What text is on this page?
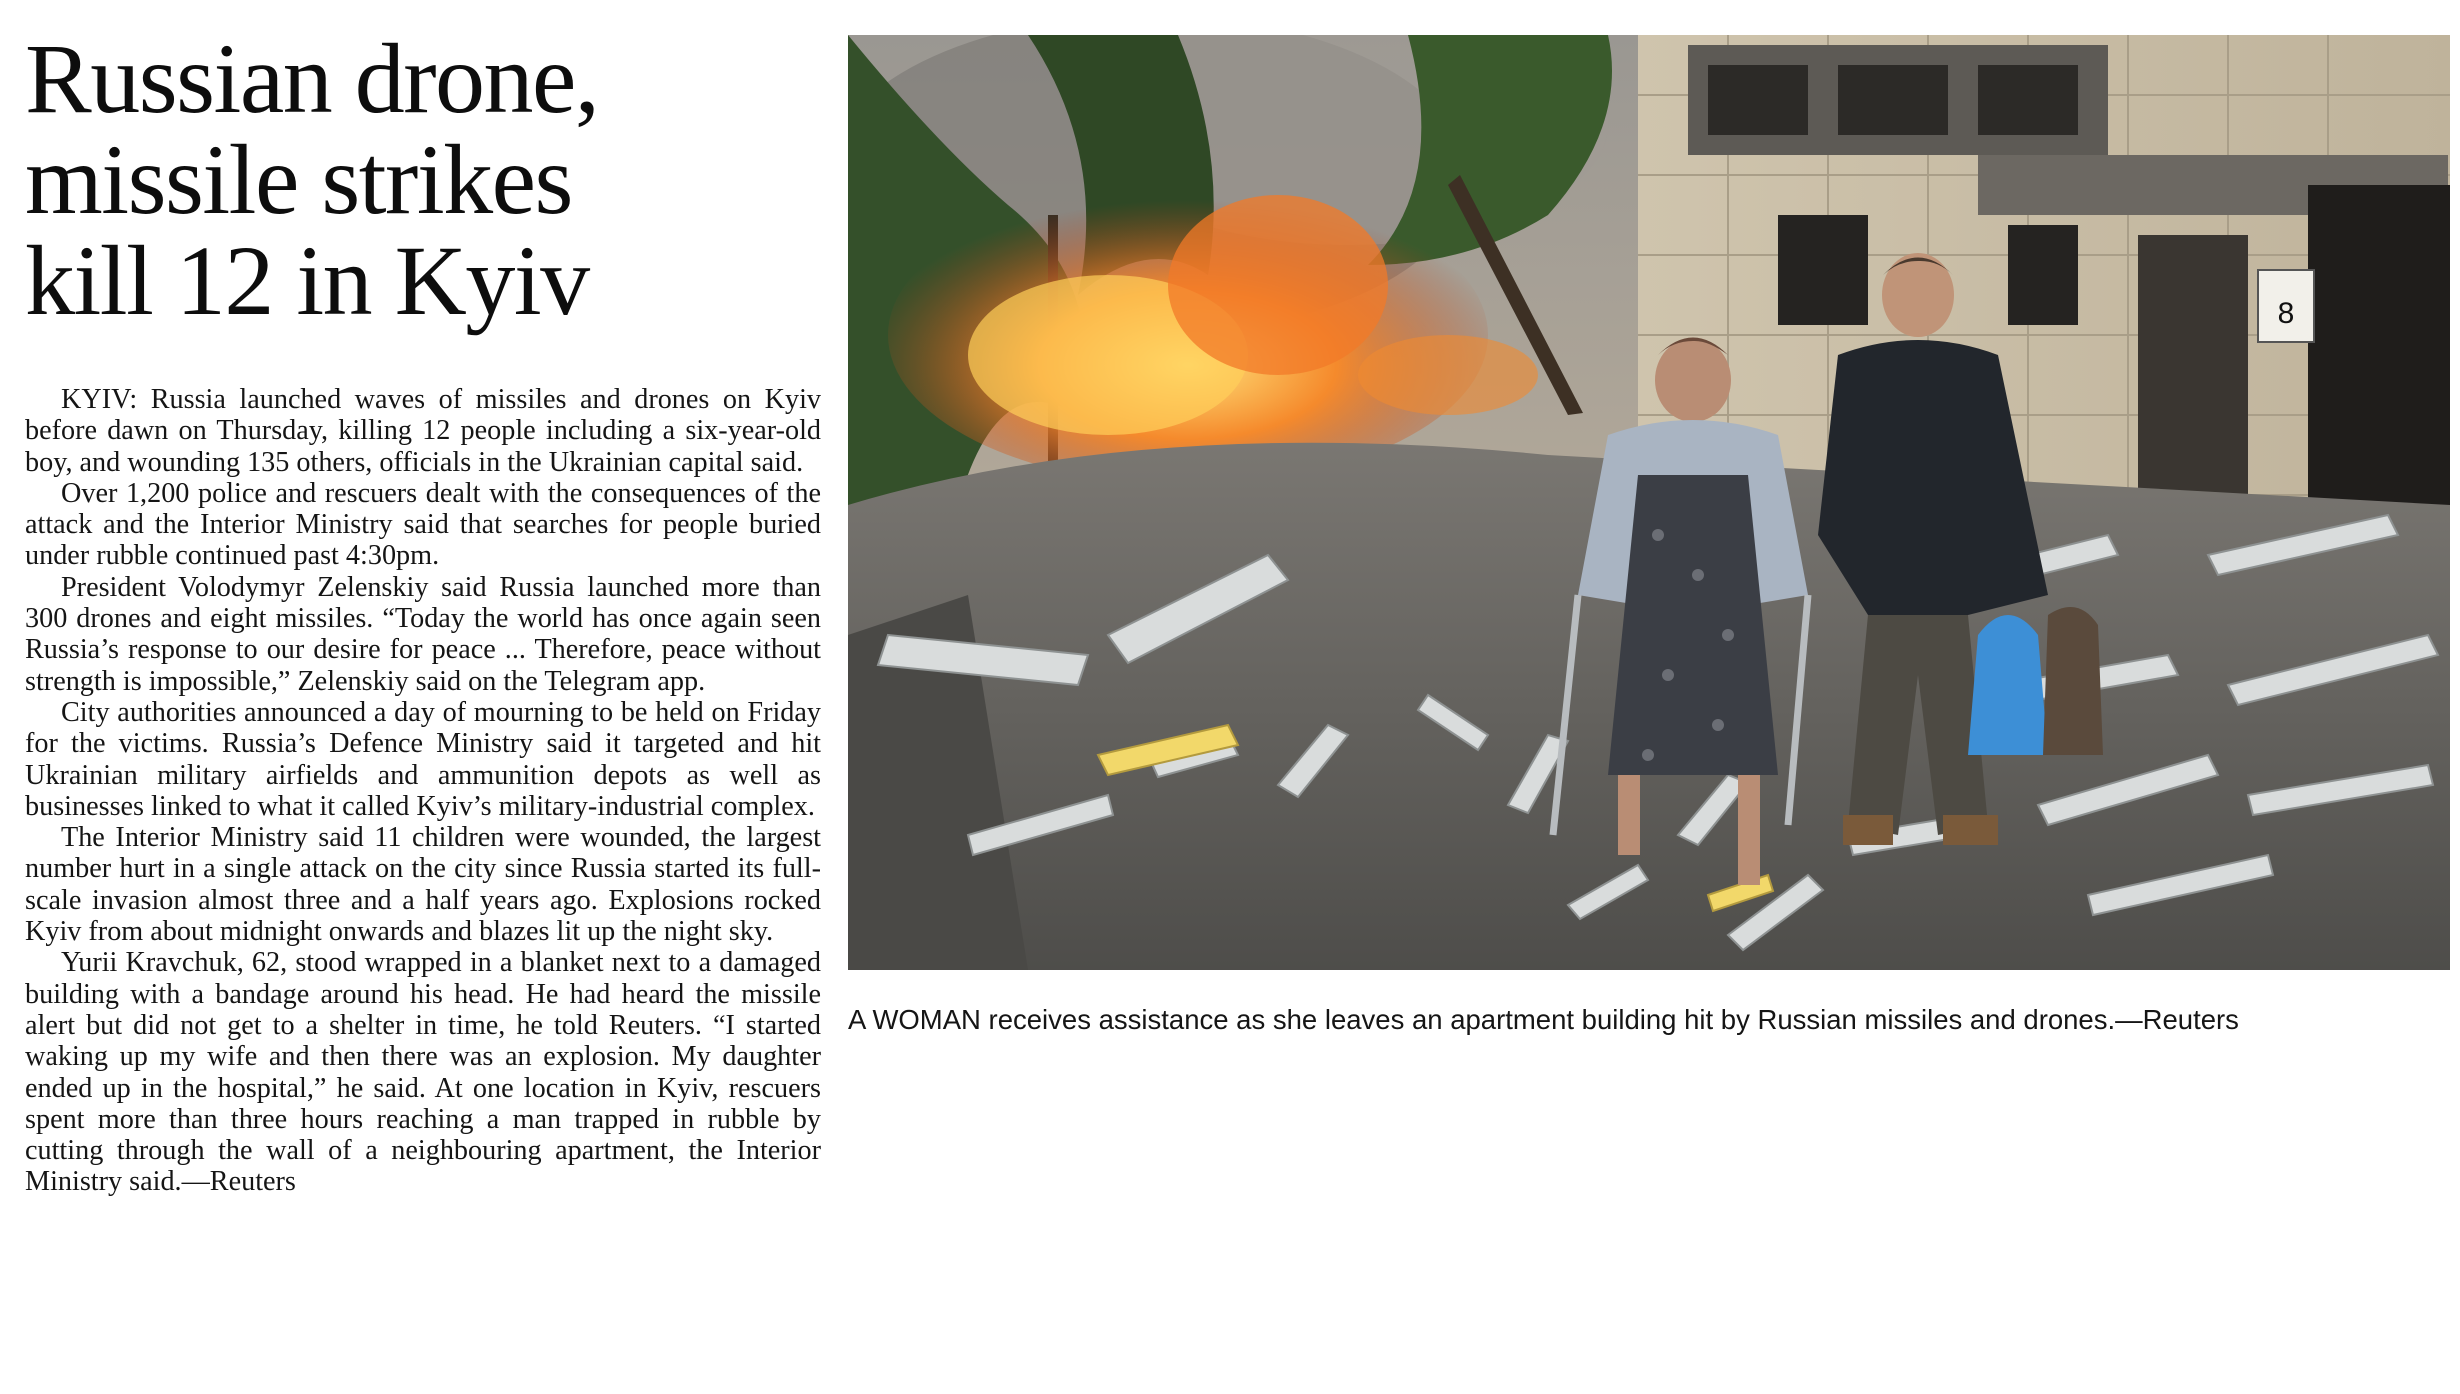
Russian drone,
missile strikes
kill 12 in Kyiv

KYIV: Russia launched waves of missiles and drones on Kyiv before dawn on Thursday, killing 12 people including a six-year-old boy, and wounding 135 others, officials in the Ukrainian capital said.

Over 1,200 police and rescuers dealt with the consequences of the attack and the Interior Ministry said that searches for people buried under rubble continued past 4:30pm.

President Volodymyr Zelenskiy said Russia launched more than 300 drones and eight missiles. “Today the world has once again seen Russia’s response to our desire for peace ... Therefore, peace without strength is impossible,” Zelenskiy said on the Telegram app.

City authorities announced a day of mourning to be held on Friday for the victims. Russia’s Defence Ministry said it targeted and hit Ukrainian military airfields and ammunition depots as well as businesses linked to what it called Kyiv’s military-industrial complex.

The Interior Ministry said 11 children were wounded, the largest number hurt in a single attack on the city since Russia started its full-scale invasion almost three and a half years ago. Explosions rocked Kyiv from about midnight onwards and blazes lit up the night sky.

Yurii Kravchuk, 62, stood wrapped in a blanket next to a damaged building with a bandage around his head. He had heard the missile alert but did not get to a shelter in time, he told Reuters. “I started waking up my wife and then there was an explosion. My daughter ended up in the hospital,” he said. At one location in Kyiv, rescuers spent more than three hours reaching a man trapped in rubble by cutting through the wall of a neighbouring apartment, the Interior Ministry said.—Reuters

8
A WOMAN receives assistance as she leaves an apartment building hit by Russian missiles and drones.—Reuters
